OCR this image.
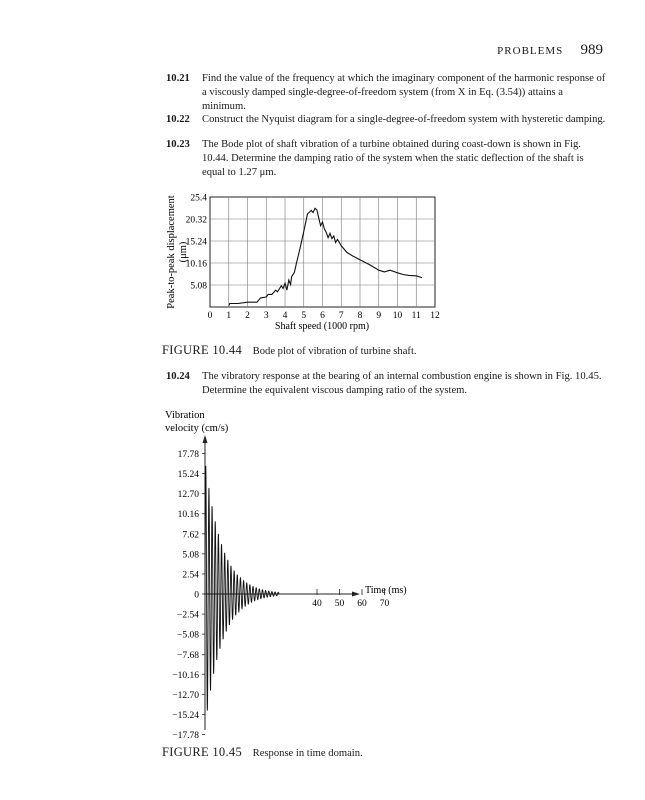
PROBLEMS 989
10.21 Find the value of the frequency at which the imaginary component of the harmonic response of a viscously damped single-degree-of-freedom system (from X in Eq. (3.54)) attains a minimum.
10.22 Construct the Nyquist diagram for a single-degree-of-freedom system with hysteretic damping.
10.23 The Bode plot of shaft vibration of a turbine obtained during coast-down is shown in Fig. 10.44. Determine the damping ratio of the system when the static deflection of the shaft is equal to 1.27 μm.
25.4
20.32
15.24
10.16
5.08
0 1 2 3 4 5 6 7 8 9 10 11 12
Peak-to-peak displacement(μm)
Shaft speed (1000 rpm)
FIGURE 10.44 Bode plot of vibration of turbine shaft.
10.24 The vibratory response at the bearing of an internal combustion engine is shown in Fig. 10.45. Determine the equivalent viscous damping ratio of the system.
Vibration
velocity (cm/s)
17.78
15.24
12.70
10.16
7.62
5.08
2.54
0
−2.54
−5.08
−7.68
−10.16
−12.70
−15.24
−17.78
40 50 60 70
Time (ms)
FIGURE 10.45 Response in time domain.
